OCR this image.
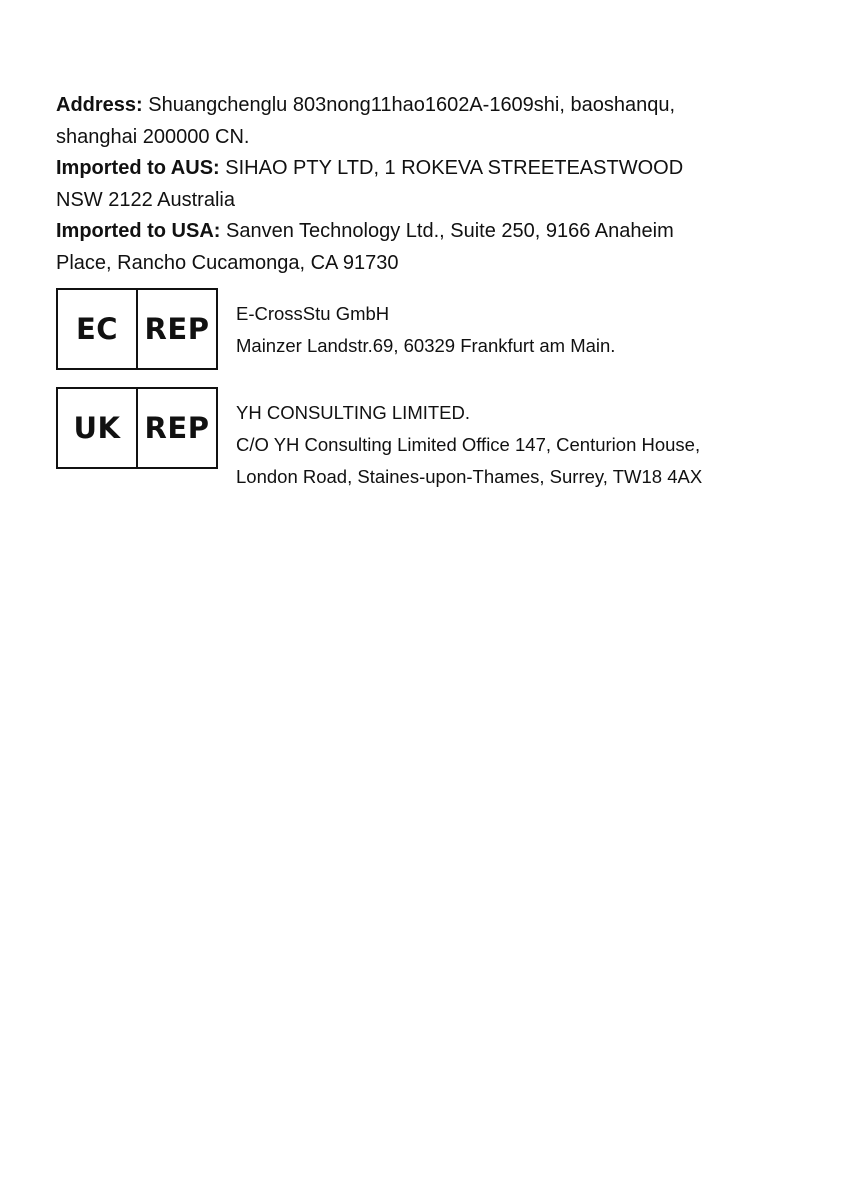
Address: Shuangchenglu 803nong11hao1602A-1609shi, baoshanqu,

shanghai 200000 CN.

Imported to AUS: SIHAO PTY LTD, 1 ROKEVA STREETEASTWOOD

NSW 2122 Australia

Imported to USA: Sanven Technology Ltd., Suite 250, 9166 Anaheim

Place, Rancho Cucamonga, CA 91730

EC REP	E-CrossStu GmbH
Mainzer Landstr.69, 60329 Frankfurt am Main.
UK REP	YH CONSULTING LIMITED.
C/O YH Consulting Limited Office 147, Centurion House,
London Road, Staines-upon-Thames, Surrey, TW18 4AX
